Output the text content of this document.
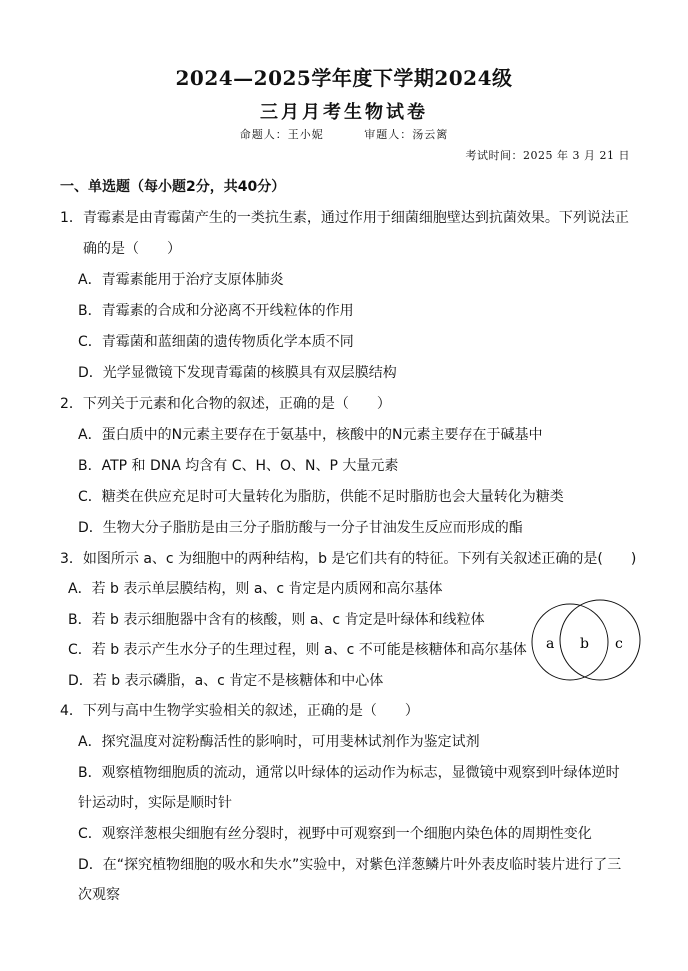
2024—2025学年度下学期2024级
三月月考生物试卷
命题人：王小妮	审题人：汤云篱
考试时间：2025 年 3 月 21 日
一、单选题（每小题2分，共40分）
1．青霉素是由青霉菌产生的一类抗生素，通过作用于细菌细胞壁达到抗菌效果。下列说法正
确的是（　　）
A．青霉素能用于治疗支原体肺炎
B．青霉素的合成和分泌离不开线粒体的作用
C．青霉菌和蓝细菌的遗传物质化学本质不同
D．光学显微镜下发现青霉菌的核膜具有双层膜结构
2．下列关于元素和化合物的叙述，正确的是（　　）
A．蛋白质中的N元素主要存在于氨基中，核酸中的N元素主要存在于碱基中
B．ATP 和 DNA 均含有 C、H、O、N、P 大量元素
C．糖类在供应充足时可大量转化为脂肪，供能不足时脂肪也会大量转化为糖类
D．生物大分子脂肪是由三分子脂肪酸与一分子甘油发生反应而形成的酯
3．如图所示 a、c 为细胞中的两种结构，b 是它们共有的特征。下列有关叙述正确的是(　　)
A．若 b 表示单层膜结构，则 a、c 肯定是内质网和高尔基体
B．若 b 表示细胞器中含有的核酸，则 a、c 肯定是叶绿体和线粒体
C．若 b 表示产生水分子的生理过程，则 a、c 不可能是核糖体和高尔基体
D．若 b 表示磷脂，a、c 肯定不是核糖体和中心体
a b c
4．下列与高中生物学实验相关的叙述，正确的是（　　）
A．探究温度对淀粉酶活性的影响时，可用斐林试剂作为鉴定试剂
B．观察植物细胞质的流动，通常以叶绿体的运动作为标志，显微镜中观察到叶绿体逆时
针运动时，实际是顺时针
C．观察洋葱根尖细胞有丝分裂时，视野中可观察到一个细胞内染色体的周期性变化
D．在“探究植物细胞的吸水和失水”实验中，对紫色洋葱鳞片叶外表皮临时装片进行了三
次观察
